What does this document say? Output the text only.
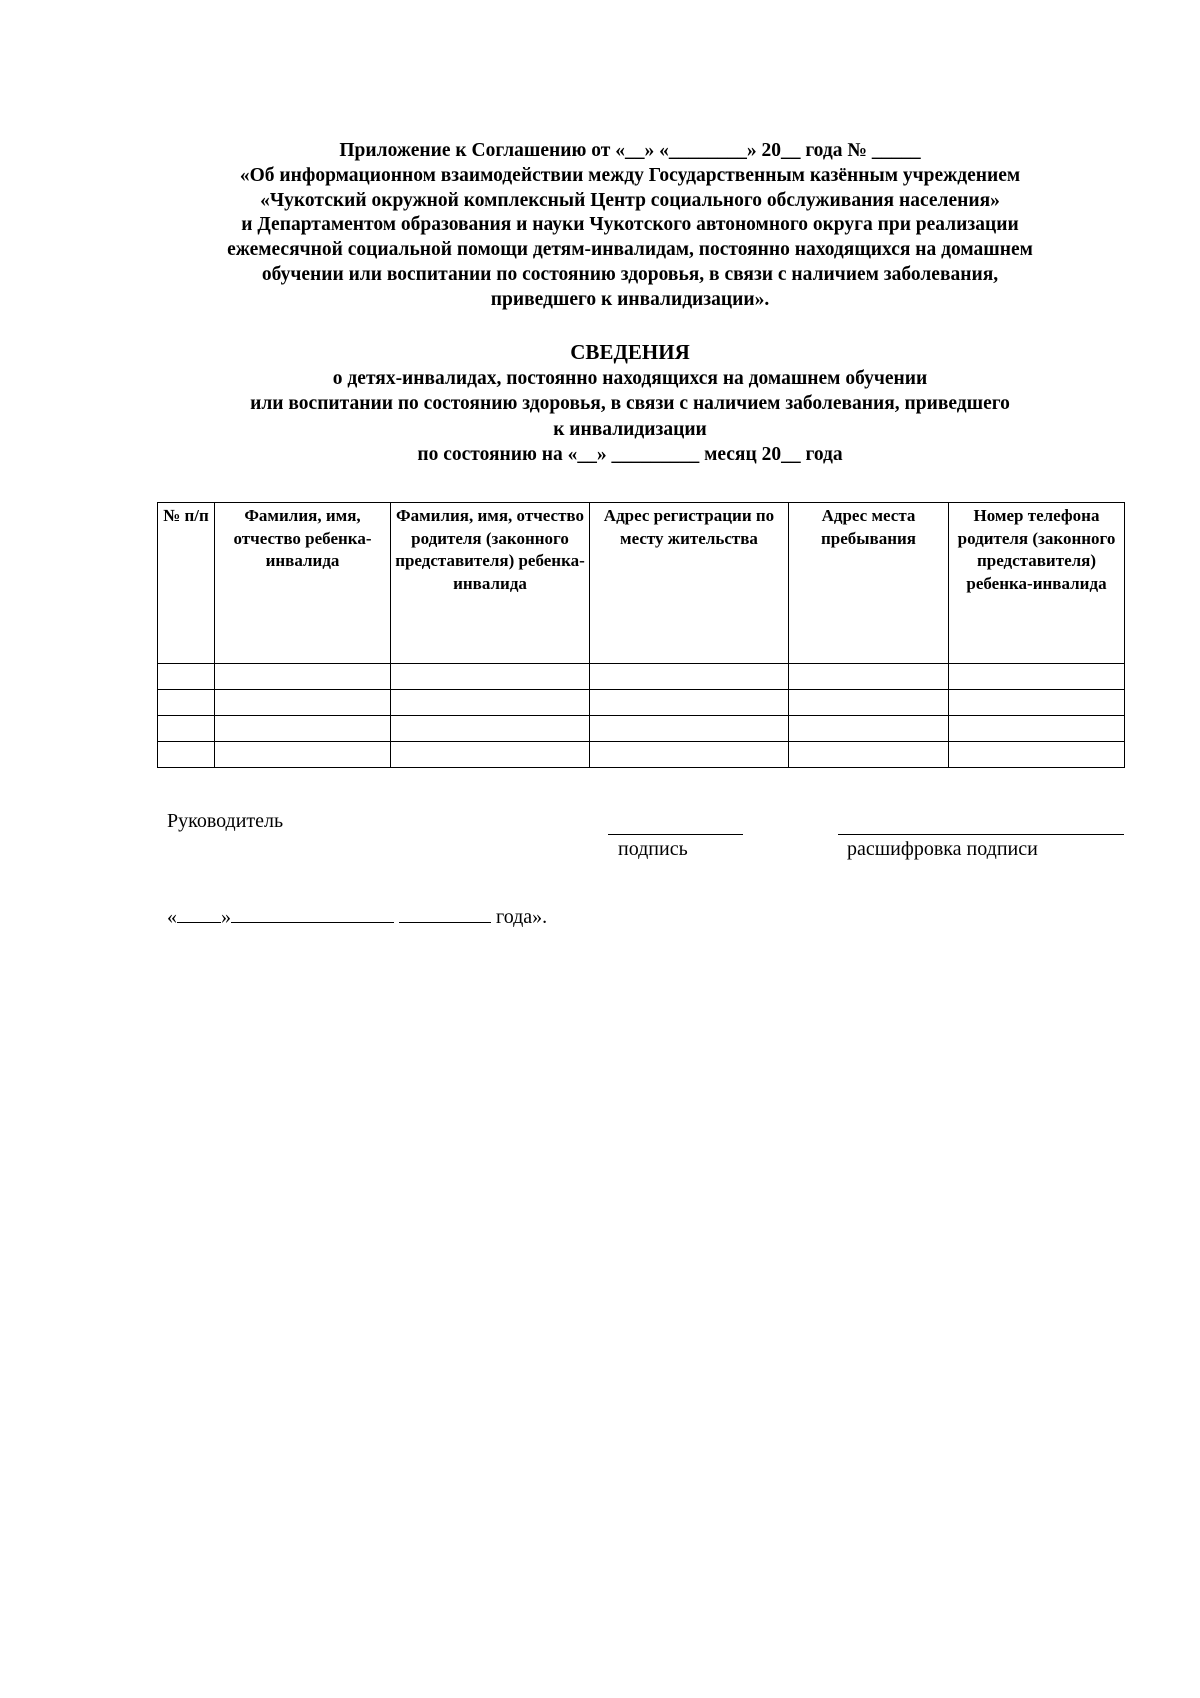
Приложение к Соглашению от «__» «________» 20__ года № _____
«Об информационном взаимодействии между Государственным казённым учреждением
«Чукотский окружной комплексный Центр социального обслуживания населения»
и Департаментом образования и науки Чукотского автономного округа при реализации
ежемесячной социальной помощи детям-инвалидам, постоянно находящихся на домашнем
обучении или воспитании по состоянию здоровья, в связи с наличием заболевания,
приведшего к инвалидизации».
СВЕДЕНИЯ
о детях-инвалидах, постоянно находящихся на домашнем обучении
или воспитании по состоянию здоровья, в связи с наличием заболевания, приведшего
к инвалидизации
по состоянию на «__» _________ месяц 20__ года
№ п/п	Фамилия, имя, отчество ребенка-инвалида	Фамилия, имя, отчество родителя (законного представителя) ребенка-инвалида	Адрес регистрации по месту жительства	Адрес места пребывания	Номер телефона родителя (законного представителя) ребенка-инвалида

Руководитель
подпись	расшифровка подписи
« »	года».
